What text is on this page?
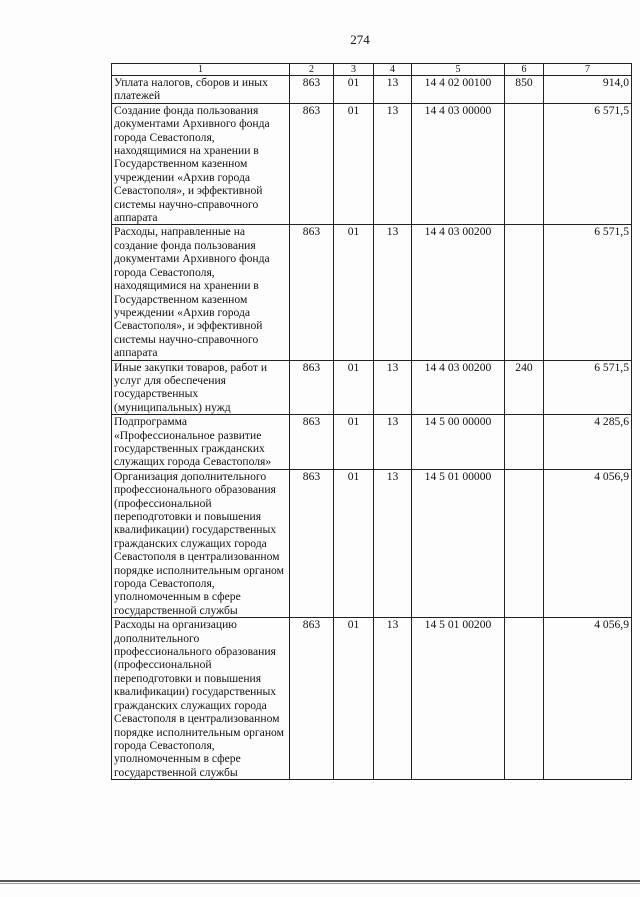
274
1	2	3	4	5	6	7
Уплата налогов, сборов и иных платежей	863	01	13	14 4 02 00100	850	914,0
Создание фонда пользования документами Архивного фонда города Севастополя, находящимися на хранении в Государственном казенном учреждении «Архив города Севастополя», и эффективной системы научно-справочного аппарата	863	01	13	14 4 03 00000		6 571,5
Расходы, направленные на создание фонда пользования документами Архивного фонда города Севастополя, находящимися на хранении в Государственном казенном учреждении «Архив города Севастополя», и эффективной системы научно-справочного аппарата	863	01	13	14 4 03 00200		6 571,5
Иные закупки товаров, работ и услуг для обеспечения государственных (муниципальных) нужд	863	01	13	14 4 03 00200	240	6 571,5
Подпрограмма «Профессиональное развитие государственных гражданских служащих города Севастополя»	863	01	13	14 5 00 00000		4 285,6
Организация дополнительного профессионального образования (профессиональной переподготовки и повышения квалификации) государственных гражданских служащих города Севастополя в централизованном порядке исполнительным органом города Севастополя, уполномоченным в сфере государственной службы	863	01	13	14 5 01 00000		4 056,9
Расходы на организацию дополнительного профессионального образования (профессиональной переподготовки и повышения квалификации) государственных гражданских служащих города Севастополя в централизованном порядке исполнительным органом города Севастополя, уполномоченным в сфере государственной службы	863	01	13	14 5 01 00200		4 056,9
